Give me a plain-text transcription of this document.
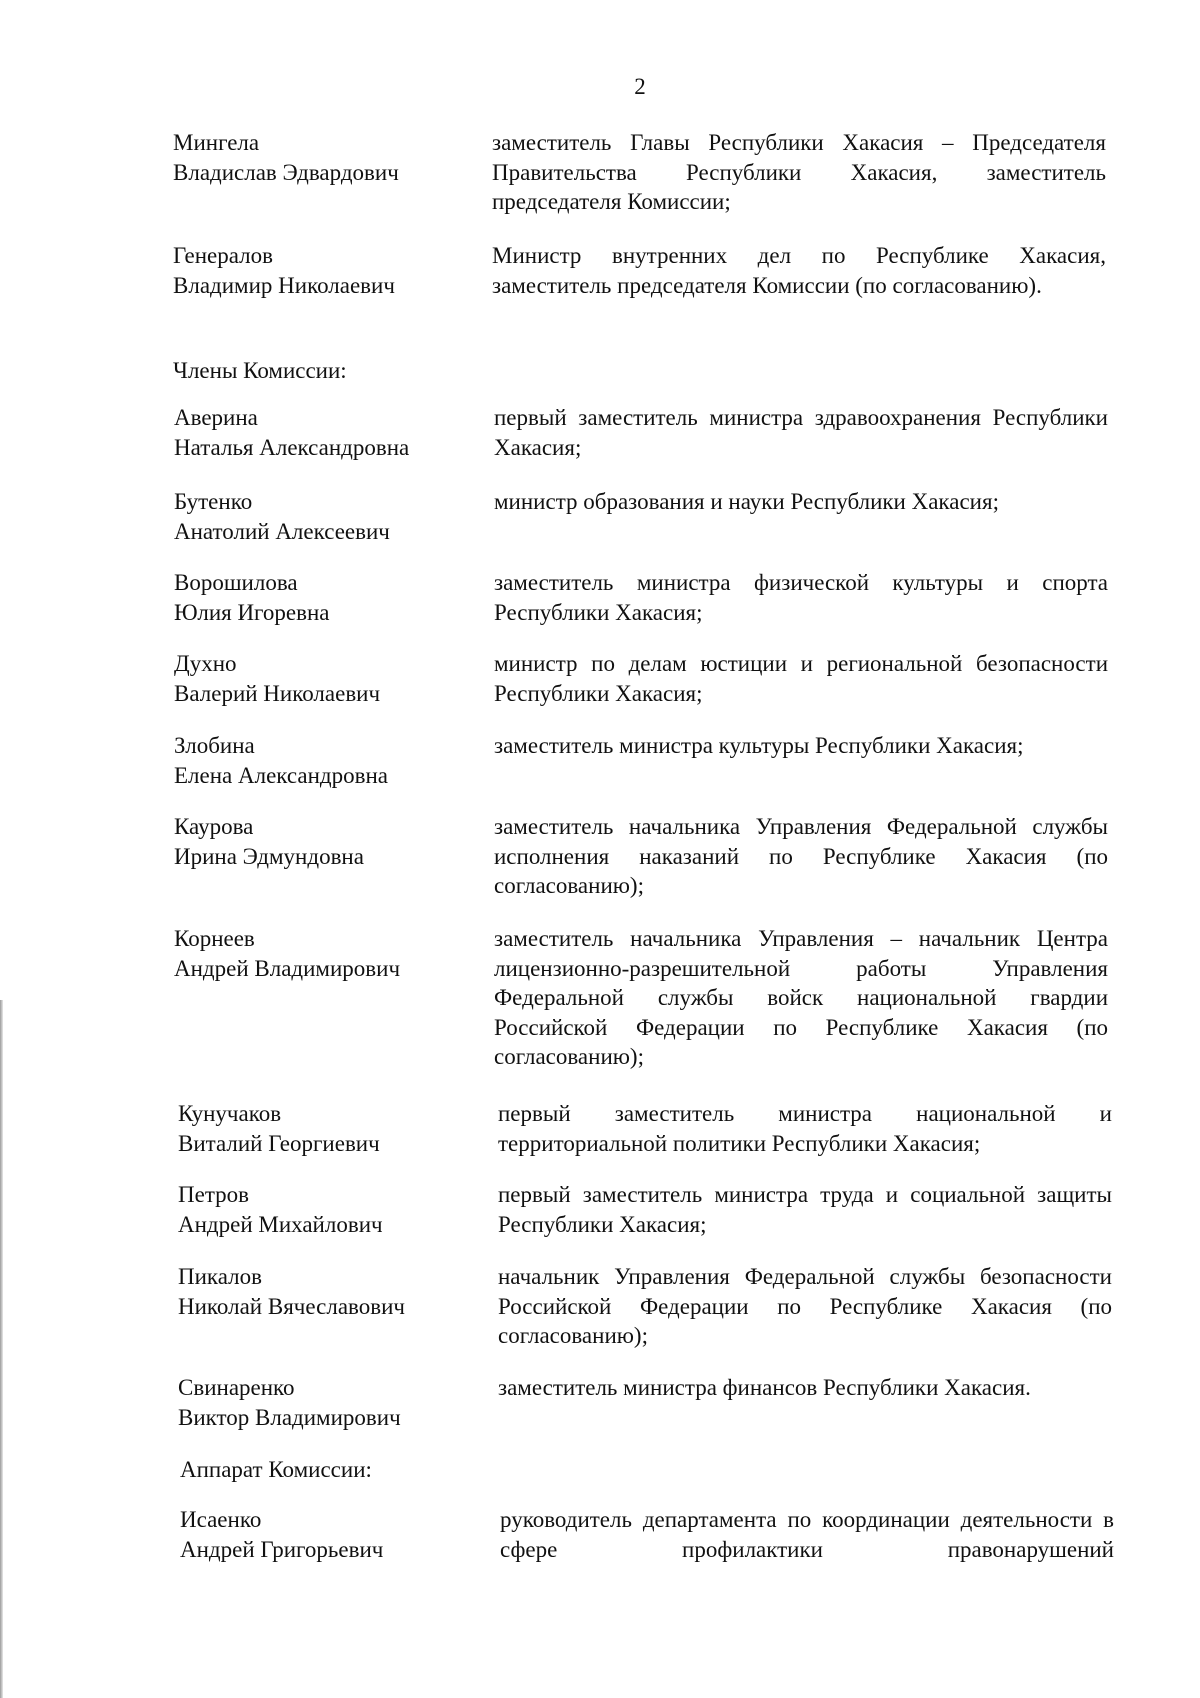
2
Мингела
Владислав Эдвардович
заместитель Главы Республики Хакасия – Председателя Правительства Республики Хакасия, заместитель председателя Комиссии;
Генералов
Владимир Николаевич
Министр внутренних дел по Республике Хакасия, заместитель председателя Комиссии (по согласованию).
Члены Комиссии:
Аверина
Наталья Александровна
первый заместитель министра здравоохранения Республики Хакасия;
Бутенко
Анатолий Алексеевич
министр образования и науки Республики Хакасия;
Ворошилова
Юлия Игоревна
заместитель министра физической культуры и спорта Республики Хакасия;
Духно
Валерий Николаевич
министр по делам юстиции и региональной безопасности Республики Хакасия;
Злобина
Елена Александровна
заместитель министра культуры Республики Хакасия;
Каурова
Ирина Эдмундовна
заместитель начальника Управления Федеральной службы исполнения наказаний по Республике Хакасия (по согласованию);
Корнеев
Андрей Владимирович
заместитель начальника Управления – начальник Центра лицензионно-разрешительной работы Управления Федеральной службы войск национальной гвардии Российской Федерации по Республике Хакасия (по согласованию);
Кунучаков
Виталий Георгиевич
первый заместитель министра национальной и территориальной политики Республики Хакасия;
Петров
Андрей Михайлович
первый заместитель министра труда и социальной защиты Республики Хакасия;
Пикалов
Николай Вячеславович
начальник Управления Федеральной службы безопасности Российской Федерации по Республике Хакасия (по согласованию);
Свинаренко
Виктор Владимирович
заместитель министра финансов Республики Хакасия.
Аппарат Комиссии:
Исаенко
Андрей Григорьевич
руководитель департамента по координации деятельности в сфере профилактики правонарушений
